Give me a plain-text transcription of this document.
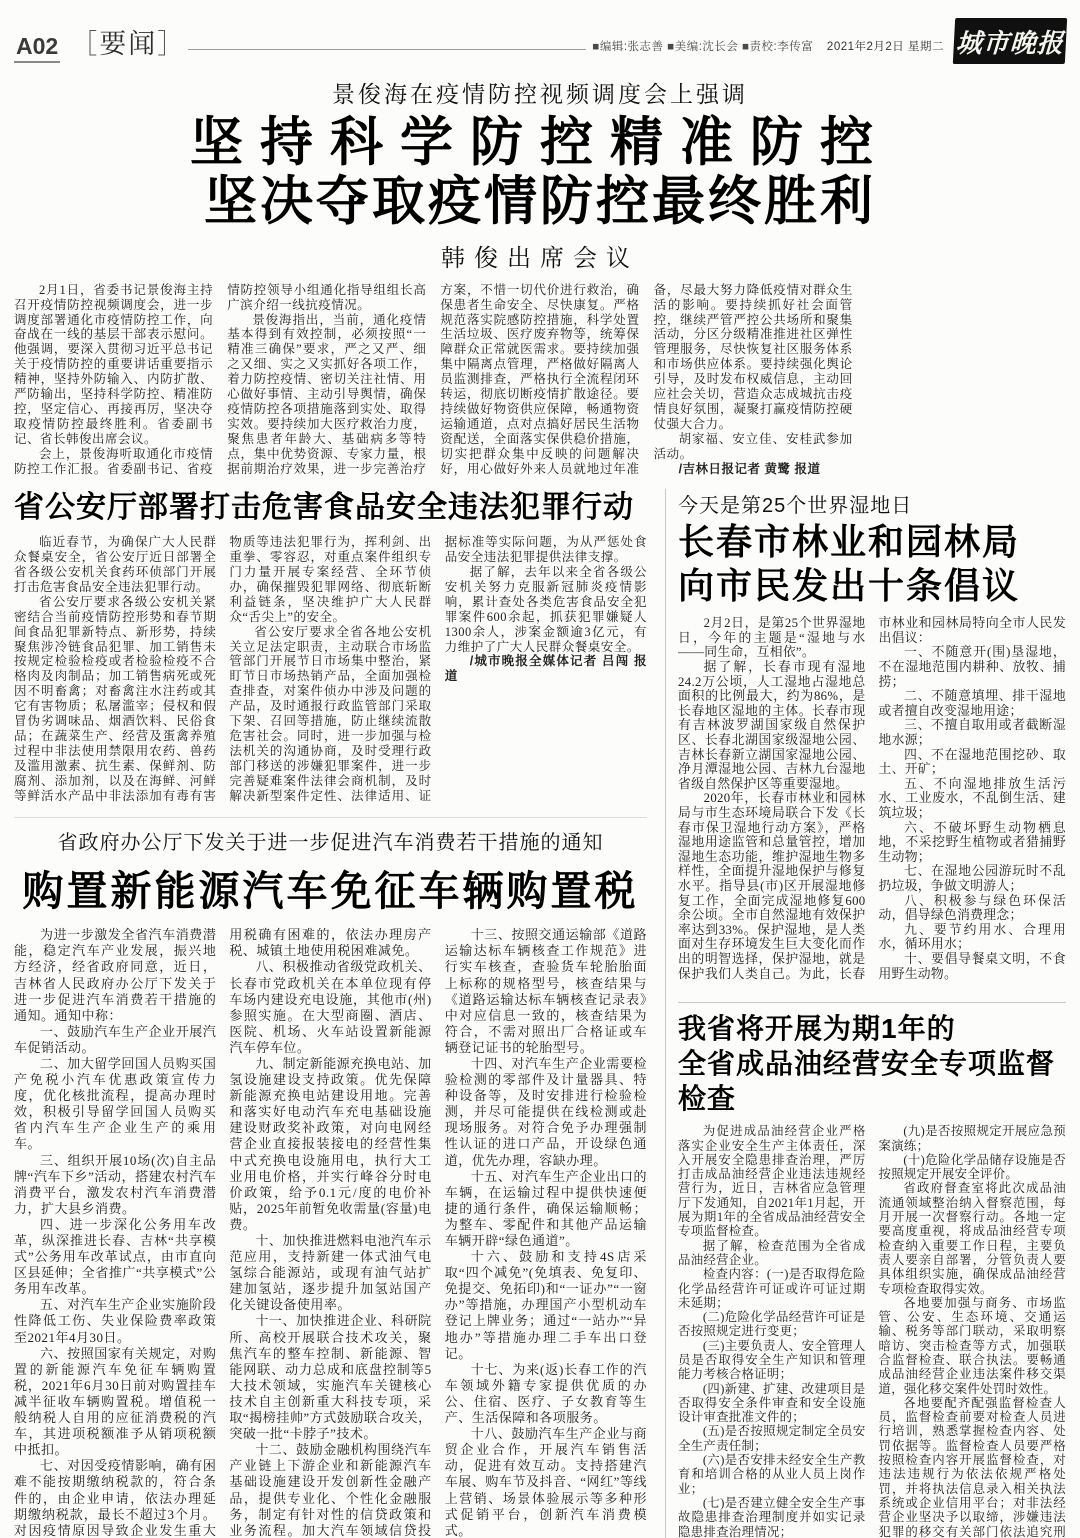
A02	［ 要闻 ］	■编辑:张志善 ■美编:沈长会 ■责校:李传富 2021年2月2日 星期二 城市晚报
景俊海在疫情防控视频调度会上强调
坚持科学防控精准防控
坚决夺取疫情防控最终胜利
韩俊出席会议

2月1日，省委书记景俊海主持召开疫情防控视频调度会，进一步调度部署通化市疫情防控工作，向奋战在一线的基层干部表示慰问。他强调，要深入贯彻习近平总书记关于疫情防控的重要讲话重要指示精神，坚持外防输入、内防扩散、严防输出，坚持科学防控、精准防控，坚定信心、再接再厉，坚决夺取疫情防控最终胜利。省委副书记、省长韩俊出席会议。

会上，景俊海听取通化市疫情防控工作汇报。省委副书记、省疫情防控领导小组通化指导组组长高广滨介绍一线抗疫情况。

景俊海指出，当前，通化疫情基本得到有效控制，必须按照“一精准三确保”要求，严之又严、细之又细、实之又实抓好各项工作，着力防控疫情、密切关注社情、用心做好事情、主动引导舆情，确保疫情防控各项措施落到实处、取得实效。要持续加大医疗救治力度，聚焦患者年龄大、基础病多等特点，集中优势资源、专家力量，根据前期治疗效果，进一步完善治疗方案，不惜一切代价进行救治，确保患者生命安全、尽快康复。严格规范落实院感防控措施，科学处置生活垃圾、医疗废弃物等，统筹保障群众正常就医需求。要持续加强集中隔离点管理，严格做好隔离人员监测排查，严格执行全流程闭环转运，彻底切断疫情扩散途径。要持续做好物资供应保障，畅通物资运输通道，点对点搞好居民生活物资配送，全面落实保供稳价措施，切实把群众集中反映的问题解决好，用心做好外来人员就地过年准备，尽最大努力降低疫情对群众生活的影响。要持续抓好社会面管控，继续严管严控公共场所和聚集活动，分区分级精准推进社区弹性管理服务，尽快恢复社区服务体系和市场供应体系。要持续强化舆论引导，及时发布权威信息，主动回应社会关切，营造众志成城抗击疫情良好氛围，凝聚打赢疫情防控硬仗强大合力。

胡家福、安立佳、安桂武参加活动。

/吉林日报记者 黄鹭 报道

省公安厅部署打击危害食品安全违法犯罪行动

临近春节，为确保广大人民群众餐桌安全，省公安厅近日部署全省各级公安机关食药环侦部门开展打击危害食品安全违法犯罪行动。

省公安厅要求各级公安机关紧密结合当前疫情防控形势和春节期间食品犯罪新特点、新形势，持续聚焦涉冷链食品犯罪、加工销售未按规定检验检疫或者检验检疫不合格肉及肉制品；加工销售病死或死因不明畜禽；对畜禽注水注药或其它有害物质；私屠滥宰；侵权和假冒伪劣调味品、烟酒饮料、民俗食品；在蔬菜生产、经营及蛋禽养殖过程中非法使用禁限用农药、兽药及滥用激素、抗生素、保鲜剂、防腐剂、添加剂，以及在海鲜、河鲜等鲜活水产品中非法添加有毒有害物质等违法犯罪行为，挥利剑、出重拳、零容忍，对重点案件组织专门力量开展专案经营、全环节侦办，确保摧毁犯罪网络、彻底斩断利益链条，坚决维护广大人民群众“舌尖上”的安全。

省公安厅要求全省各地公安机关立足法定职责，主动联合市场监管部门开展节日市场集中整治，紧盯节日市场热销产品，全面加强检查排查，对案件侦办中涉及问题的产品，及时通报行政监管部门采取下架、召回等措施，防止继续流散危害社会。同时，进一步加强与检法机关的沟通协商，及时受理行政部门移送的涉嫌犯罪案件，进一步完善疑难案件法律会商机制，及时解决新型案件定性、法律适用、证据标准等实际问题，为从严惩处食品安全违法犯罪提供法律支撑。

据了解，去年以来全省各级公安机关努力克服新冠肺炎疫情影响，累计查处各类危害食品安全犯罪案件600余起，抓获犯罪嫌疑人1300余人，涉案金额逾3亿元，有力维护了广大人民群众餐桌安全。

/城市晚报全媒体记者 吕闯 报道

省政府办公厅下发关于进一步促进汽车消费若干措施的通知
购置新能源汽车免征车辆购置税

为进一步激发全省汽车消费潜能，稳定汽车产业发展，振兴地方经济，经省政府同意，近日，吉林省人民政府办公厅下发关于进一步促进汽车消费若干措施的通知。通知中称：

一、鼓励汽车生产企业开展汽车促销活动。

二、加大留学回国人员购买国产免税小汽车优惠政策宣传力度，优化核批流程，提高办理时效，积极引导留学回国人员购买省内汽车生产企业生产的乘用车。

三、组织开展10场(次)自主品牌“汽车下乡”活动，搭建农村汽车消费平台，激发农村汽车消费潜力，扩大县乡消费。

四、进一步深化公务用车改革，纵深推进长春、吉林“共享模式”公务用车改革试点，由市直向区县延伸；全省推广“共享模式”公务用车改革。

五、对汽车生产企业实施阶段性降低工伤、失业保险费率政策至2021年4月30日。

六、按照国家有关规定，对购置的新能源汽车免征车辆购置税，2021年6月30日前对购置挂车减半征收车辆购置税。增值税一般纳税人自用的应征消费税的汽车，其进项税额准予从销项税额中抵扣。

七、对因受疫情影响，确有困难不能按期缴纳税款的，符合条件的，由企业申请，依法办理延期缴纳税款，最长不超过3个月。对因疫情原因导致企业发生重大 用税确有困难的，依法办理房产税、城镇土地使用税困难减免。

八、积极推动省级党政机关、长春市党政机关在本单位现有停车场内建设充电设施，其他市(州)参照实施。在大型商圈、酒店、医院、机场、火车站设置新能源汽车停车位。

九、制定新能源充换电站、加氢设施建设支持政策。优先保障新能源充换电站建设用地。完善和落实好电动汽车充电基础设施建设财政奖补政策，对向电网经营企业直接报装接电的经营性集中式充换电设施用电，执行大工业用电价格，并实行峰谷分时电价政策，给予0.1元/度的电价补贴，2025年前暂免收需量(容量)电费。

十、加快推进燃料电池汽车示范应用，支持新建一体式油气电氢综合能源站，或现有油气站扩建加氢站，逐步提升加氢站国产化关键设备使用率。

十一、加快推进企业、科研院所、高校开展联合技术攻关，聚焦汽车的整车控制、新能源、智能网联、动力总成和底盘控制等5大技术领域，实施汽车关键核心技术自主创新重大科技专项，采取“揭榜挂帅”方式鼓励联合攻关，突破一批“卡脖子”技术。

十二、鼓励金融机构围绕汽车产业链上下游企业和新能源汽车基础设施建设开发创新性金融产品，提供专业化、个性化金融服务，制定有针对性的信贷政策和业务流程。加大汽车领域信贷投

十三、按照交通运输部《道路运输达标车辆核查工作规范》进行实车核查，查验货车轮胎胎面上标称的规格型号，核查结果与《道路运输达标车辆核查记录表》中对应信息一致的，核查结果为符合，不需对照出厂合格证或车辆登记证书的轮胎型号。

十四、对汽车生产企业需要检验检测的零部件及计量器具、特种设备等，及时安排进行检验检测，并尽可能提供在线检测或赴现场服务。对符合免予办理强制性认证的进口产品，开设绿色通道，优先办理，容缺办理。

十五、对汽车生产企业出口的车辆，在运输过程中提供快速便捷的通行条件，确保运输顺畅；为整车、零配件和其他产品运输车辆开辟“绿色通道”。

十六、鼓励和支持4S店采取“四个减免”(免填表、免复印、免提交、免拓印)和“一证办”“一窗办”等措施，办理国产小型机动车登记上牌业务；通过“一站办”“异地办”等措施办理二手车出口登记。

十七、为来(返)长春工作的汽车领域外籍专家提供优质的办公、住宿、医疗、子女教育等生产、生活保障和各项服务。

十八、鼓励汽车生产企业与商贸企业合作，开展汽车销售活动，促进有效互动。支持搭建汽车展、购车节及抖音、“网红”等线上营销、场景体验展示等多种形式促销平台，创新汽车消费模式。

今天是第25个世界湿地日
长春市林业和园林局
向市民发出十条倡议

2月2日，是第25个世界湿地日，今年的主题是“湿地与水——同生命，互相依”。

据了解，长春市现有湿地24.2万公顷，人工湿地占湿地总面积的比例最大，约为86%，是长春地区湿地的主体。长春市现有吉林波罗湖国家级自然保护区、长春北湖国家级湿地公园、吉林长春新立湖国家湿地公园、净月潭湿地公园、吉林九台湿地省级自然保护区等重要湿地。

2020年，长春市林业和园林局与市生态环境局联合下发《长春市保卫湿地行动方案》，严格湿地用途监管和总量管控，增加湿地生态功能，维护湿地生物多样性，全面提升湿地保护与修复水平。指导县(市)区开展湿地修复工作，全面完成湿地修复600余公顷。全市自然湿地有效保护率达到33%。保护湿地，是人类面对生存环境发生巨大变化而作出的明智选择，保护湿地，就是保护我们人类自己。为此，长春市林业和园林局特向全市人民发出倡议：

一、不随意开(围)垦湿地，不在湿地范围内耕种、放牧、捕捞；

二、不随意填埋、排干湿地或者擅自改变湿地用途；

三、不擅自取用或者截断湿地水源；

四、不在湿地范围挖砂、取土、开矿；

五、不向湿地排放生活污水、工业废水，不乱倒生活、建筑垃圾；

六、不破坏野生动物栖息地，不采挖野生植物或者猎捕野生动物；

七、在湿地公园游玩时不乱扔垃圾，争做文明游人；

八、积极参与绿色环保活动，倡导绿色消费理念；

九、要节约用水、合理用水，循环用水；

十、要倡导餐桌文明，不食用野生动物。

我省将开展为期1年的
全省成品油经营安全专项监督检查

为促进成品油经营企业严格落实企业安全生产主体责任，深入开展安全隐患排查治理，严厉打击成品油经营企业违法违规经营行为，近日，吉林省应急管理厅下发通知，自2021年1月起，开展为期1年的全省成品油经营安全专项监督检查。

据了解，检查范围为全省成品油经营企业。

检查内容：(一)是否取得危险化学品经营许可证或许可证过期未延期；

(二)危险化学品经营许可证是否按照规定进行变更；

(三)主要负责人、安全管理人员是否取得安全生产知识和管理能力考核合格证明；

(四)新建、扩建、改建项目是否取得安全条件审查和安全设施设计审查批准文件的；

(五)是否按照规定制定全员安全生产责任制；

(六)是否安排未经安全生产教育和培训合格的从业人员上岗作业；

(七)是否建立健全安全生产事故隐患排查治理制度并如实记录隐患排查治理情况；

(九)是否按照规定开展应急预案演练；

(十)危险化学品储存设施是否按照规定开展安全评价。

省政府督查室将此次成品油流通领域整治纳入督察范围，每月开展一次督察行动。各地一定要高度重视，将成品油经营专项检查纳入重要工作日程，主要负责人要亲自部署，分管负责人要具体组织实施，确保成品油经营专项检查取得实效。

各地要加强与商务、市场监管、公安、生态环境、交通运输、税务等部门联动，采取明察暗访、突击检查等方式，加强联合监督检查、联合执法。要畅通成品油经营企业违法案件移交渠道，强化移交案件处罚时效性。

各地要配齐配强监督检查人员，监督检查前要对检查人员进行培训，熟悉掌握检查内容、处罚依据等。监督检查人员要严格按照检查内容开展监督检查，对违法违规行为依法依规严格处罚，并将执法信息录入相关执法系统或企业信用平台；对非法经营企业坚决予以取缔，涉嫌违法犯罪的移交有关部门依法追究刑
